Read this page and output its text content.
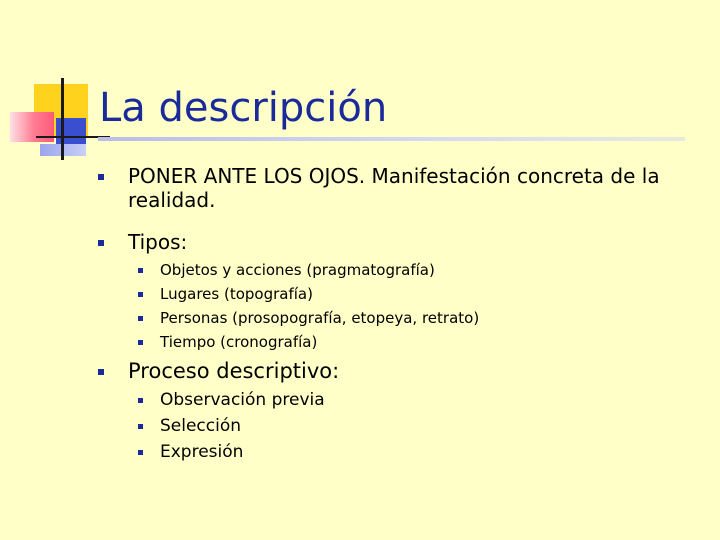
La descripción
PONER ANTE LOS OJOS. Manifestación concreta de la realidad.
Tipos:
Objetos y acciones (pragmatografía)
Lugares (topografía)
Personas (prosopografía, etopeya, retrato)
Tiempo (cronografía)
Proceso descriptivo:
Observación previa
Selección
Expresión
